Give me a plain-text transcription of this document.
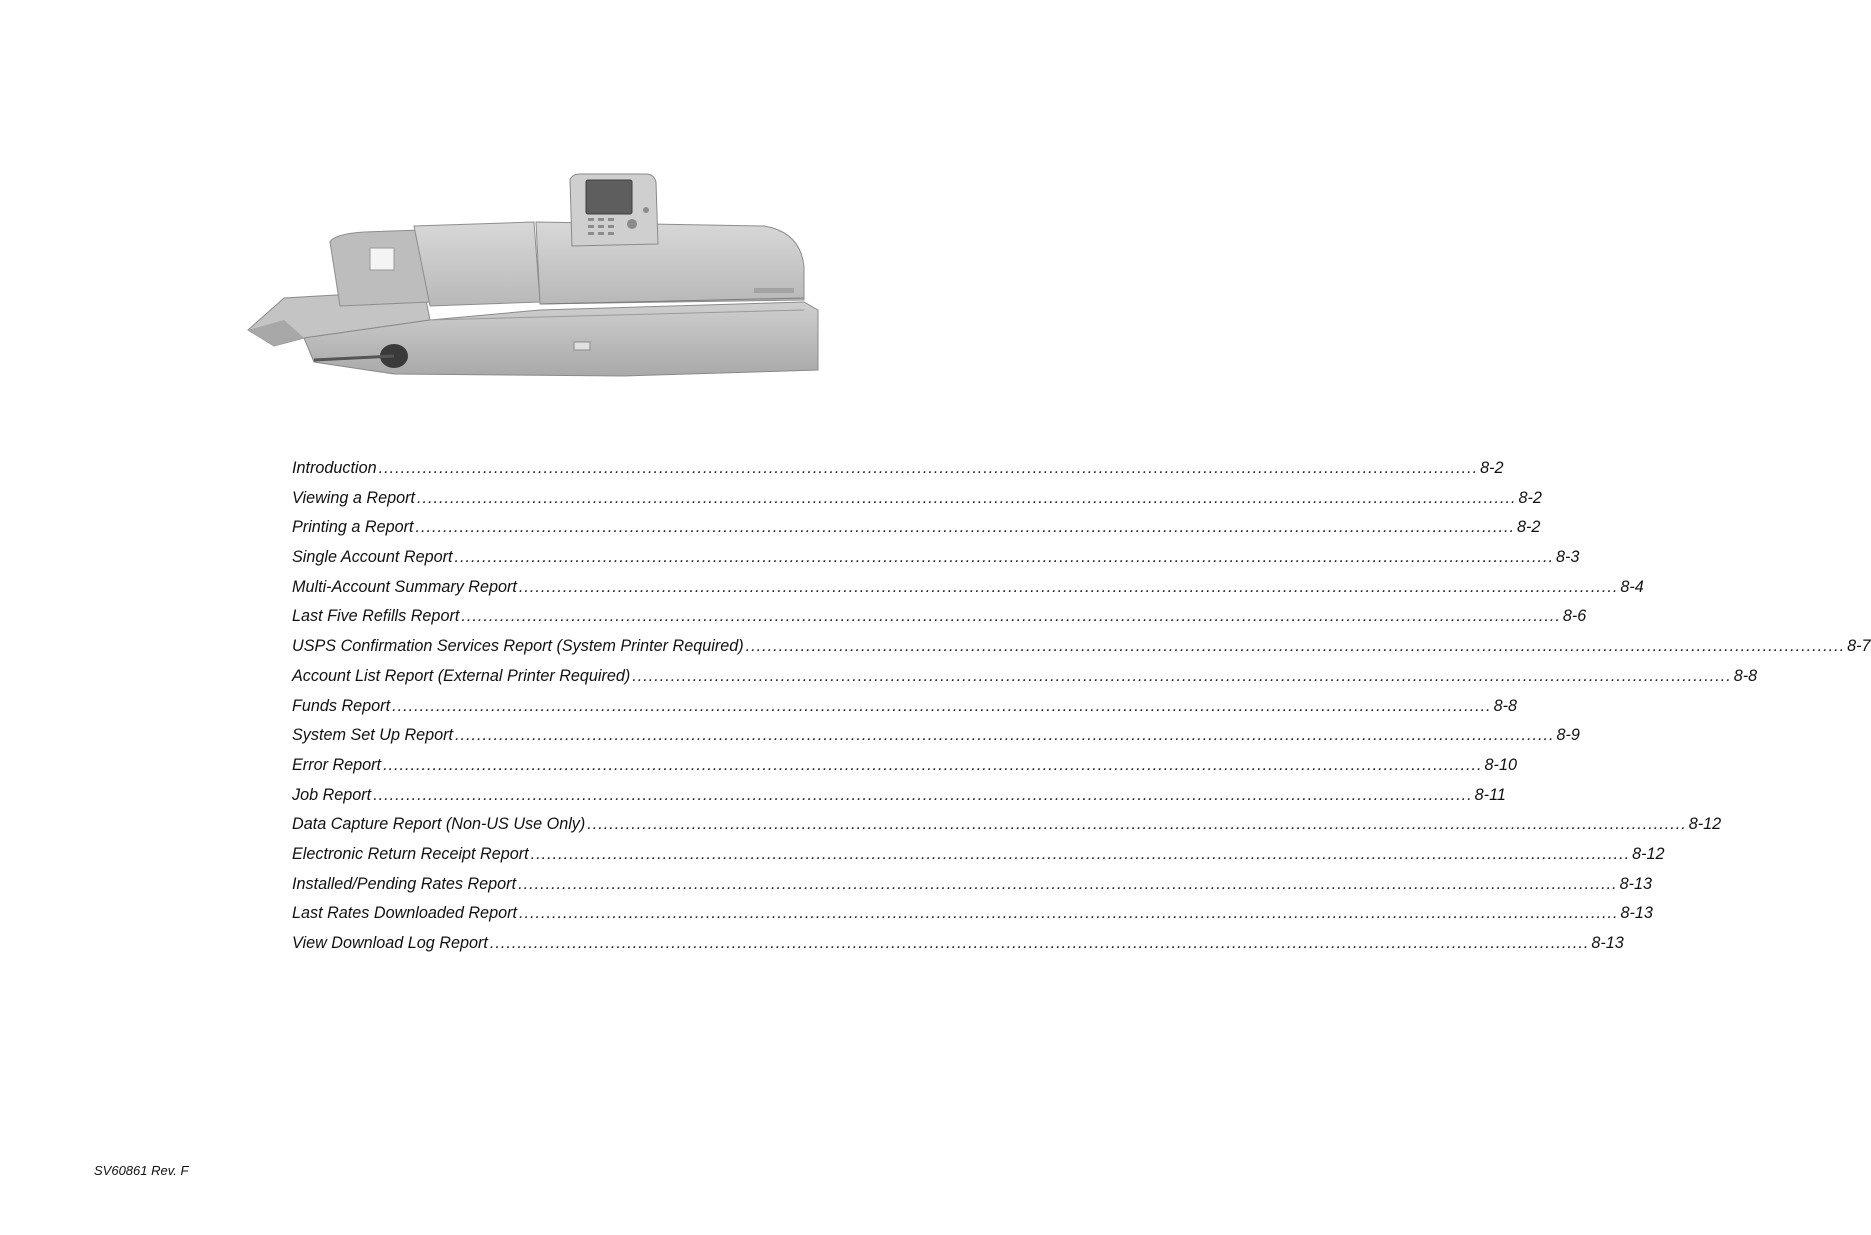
Introduction ........................................................................................................................................................................................................ 8-2
Viewing a Report ........................................................................................................................................................................................................ 8-2
Printing a Report ........................................................................................................................................................................................................ 8-2
Single Account Report ........................................................................................................................................................................................................ 8-3
Multi-Account Summary Report ........................................................................................................................................................................................................ 8-4
Last Five Refills Report ........................................................................................................................................................................................................ 8-6
USPS Confirmation Services Report (System Printer Required) ........................................................................................................................................................................................................ 8-7
Account List Report (External Printer Required) ........................................................................................................................................................................................................ 8-8
Funds Report ........................................................................................................................................................................................................ 8-8
System Set Up Report ........................................................................................................................................................................................................ 8-9
Error Report ........................................................................................................................................................................................................ 8-10
Job Report ........................................................................................................................................................................................................ 8-11
Data Capture Report (Non-US Use Only) ........................................................................................................................................................................................................ 8-12
Electronic Return Receipt Report ........................................................................................................................................................................................................ 8-12
Installed/Pending Rates Report ........................................................................................................................................................................................................ 8-13
Last Rates Downloaded Report ........................................................................................................................................................................................................ 8-13
View Download Log Report ........................................................................................................................................................................................................ 8-13
SV60861 Rev. F
